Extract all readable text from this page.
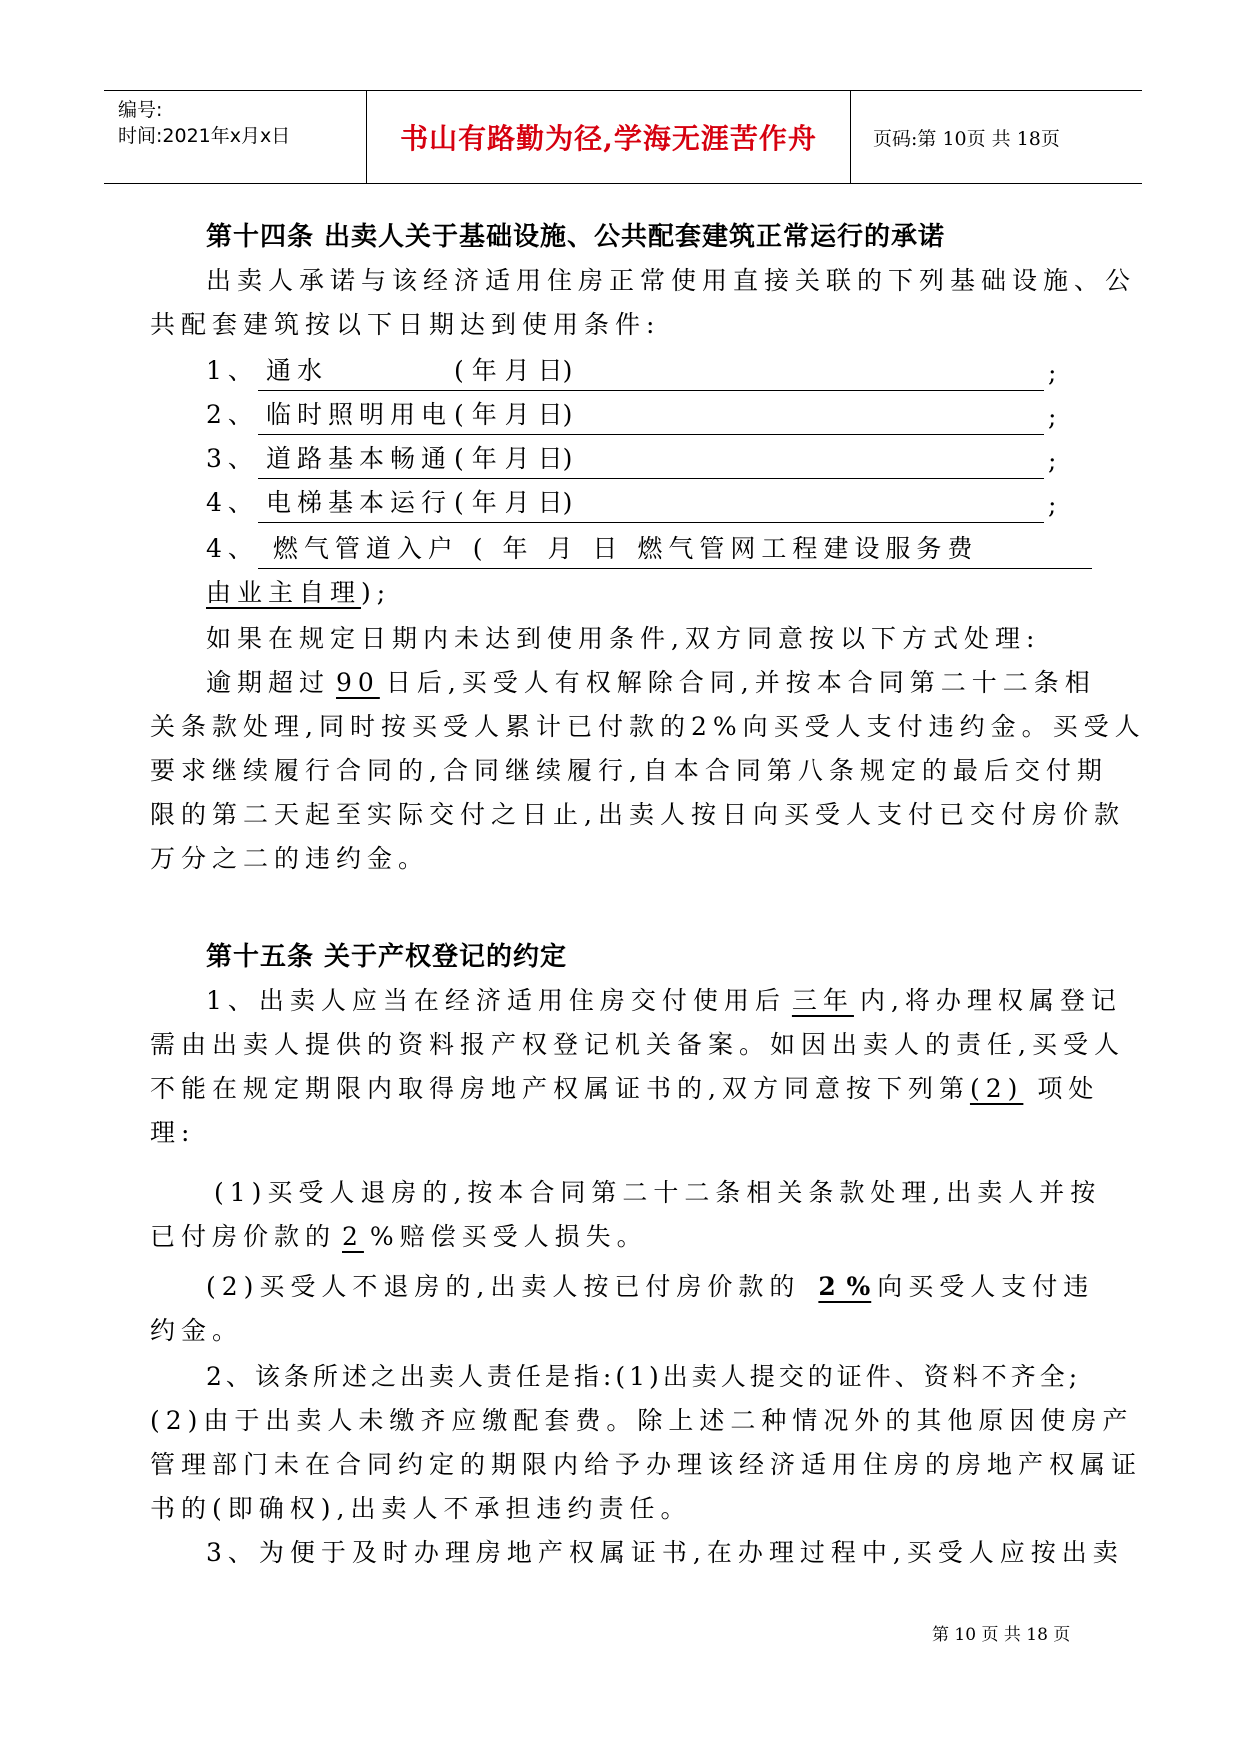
编号:
时间:2021年x月x日	书山有路勤为径,学海无涯苦作舟	页码:第 10页 共 18页
第十四条 出卖人关于基础设施、公共配套建筑正常运行的承诺
出卖人承诺与该经济适用住房正常使用直接关联的下列基础设施、公
共配套建筑按以下日期达到使用条件:
1、 通水	( 年 月 日)	;
2、 临时照明用电 ( 年 月 日)	;
3、 道路基本畅通 ( 年 月 日)	;
4、 电梯基本运行 ( 年 月 日)	;
4、 燃气管道入户 ( 年 月 日 燃气管网工程建设服务费
由业主自理);
如果在规定日期内未达到使用条件,双方同意按以下方式处理:
逾期超过 90 日后,买受人有权解除合同,并按本合同第二十二条相
关条款处理,同时按买受人累计已付款的2%向买受人支付违约金。买受人
要求继续履行合同的,合同继续履行,自本合同第八条规定的最后交付期
限的第二天起至实际交付之日止,出卖人按日向买受人支付已交付房价款
万分之二的违约金。
第十五条 关于产权登记的约定
1、出卖人应当在经济适用住房交付使用后 三年 内,将办理权属登记
需由出卖人提供的资料报产权登记机关备案。如因出卖人的责任,买受人
不能在规定期限内取得房地产权属证书的,双方同意按下列第(2) 项处
理:
(1)买受人退房的,按本合同第二十二条相关条款处理,出卖人并按
已付房价款的 2 %赔偿买受人损失。
(2)买受人不退房的,出卖人按已付房价款的 2 % 向买受人支付违
约金。
2、该条所述之出卖人责任是指:(1)出卖人提交的证件、资料不齐全;
(2)由于出卖人未缴齐应缴配套费。除上述二种情况外的其他原因使房产
管理部门未在合同约定的期限内给予办理该经济适用住房的房地产权属证
书的(即确权),出卖人不承担违约责任。
3、为便于及时办理房地产权属证书,在办理过程中,买受人应按出卖
第 10 页 共 18 页
